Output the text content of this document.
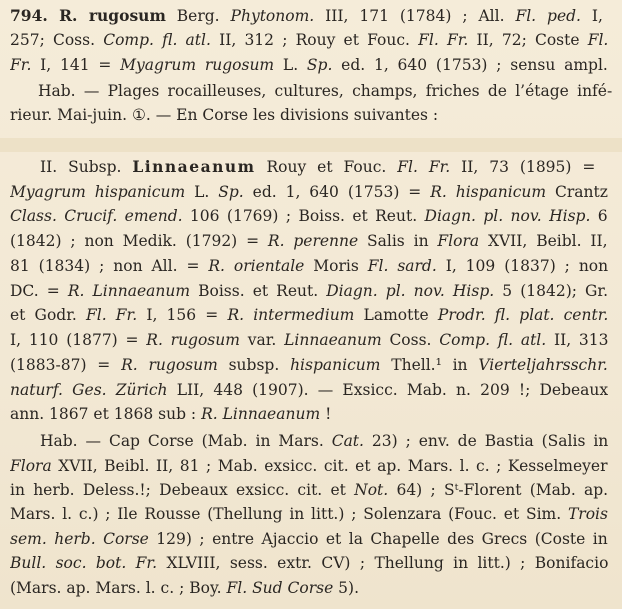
794. R. rugosum Berg. Phytonom. III, 171 (1784) ; All. Fl. ped. I,
257; Coss. Comp. fl. atl. II, 312 ; Rouy et Fouc. Fl. Fr. II, 72; Coste Fl.
Fr. I, 141 = Myagrum rugosum L. Sp. ed. 1, 640 (1753) ; sensu ampl.
Hab. — Plages rocailleuses, cultures, champs, friches de l’étage infé-
rieur. Mai-juin. ①. — En Corse les divisions suivantes :
II. Subsp. Linnaeanum Rouy et Fouc. Fl. Fr. II, 73 (1895) =
Myagrum hispanicum L. Sp. ed. 1, 640 (1753) = R. hispanicum Crantz
Class. Crucif. emend. 106 (1769) ; Boiss. et Reut. Diagn. pl. nov. Hisp. 6
(1842) ; non Medik. (1792) = R. perenne Salis in Flora XVII, Beibl. II,
81 (1834) ; non All. = R. orientale Moris Fl. sard. I, 109 (1837) ; non
DC. = R. Linnaeanum Boiss. et Reut. Diagn. pl. nov. Hisp. 5 (1842); Gr.
et Godr. Fl. Fr. I, 156 = R. intermedium Lamotte Prodr. fl. plat. centr.
I, 110 (1877) = R. rugosum var. Linnaeanum Coss. Comp. fl. atl. II, 313
(1883-87) = R. rugosum subsp. hispanicum Thell.¹ in Vierteljahrsschr.
naturf. Ges. Zürich LII, 448 (1907). — Exsicc. Mab. n. 209 !; Debeaux
ann. 1867 et 1868 sub : R. Linnaeanum !
Hab. — Cap Corse (Mab. in Mars. Cat. 23) ; env. de Bastia (Salis in
Flora XVII, Beibl. II, 81 ; Mab. exsicc. cit. et ap. Mars. l. c. ; Kesselmeyer
in herb. Deless.!; Debeaux exsicc. cit. et Not. 64) ; Sᵗ-Florent (Mab. ap.
Mars. l. c.) ; Ile Rousse (Thellung in litt.) ; Solenzara (Fouc. et Sim. Trois
sem. herb. Corse 129) ; entre Ajaccio et la Chapelle des Grecs (Coste in
Bull. soc. bot. Fr. XLVIII, sess. extr. CV) ; Thellung in litt.) ; Bonifacio
(Mars. ap. Mars. l. c. ; Boy. Fl. Sud Corse 5).
